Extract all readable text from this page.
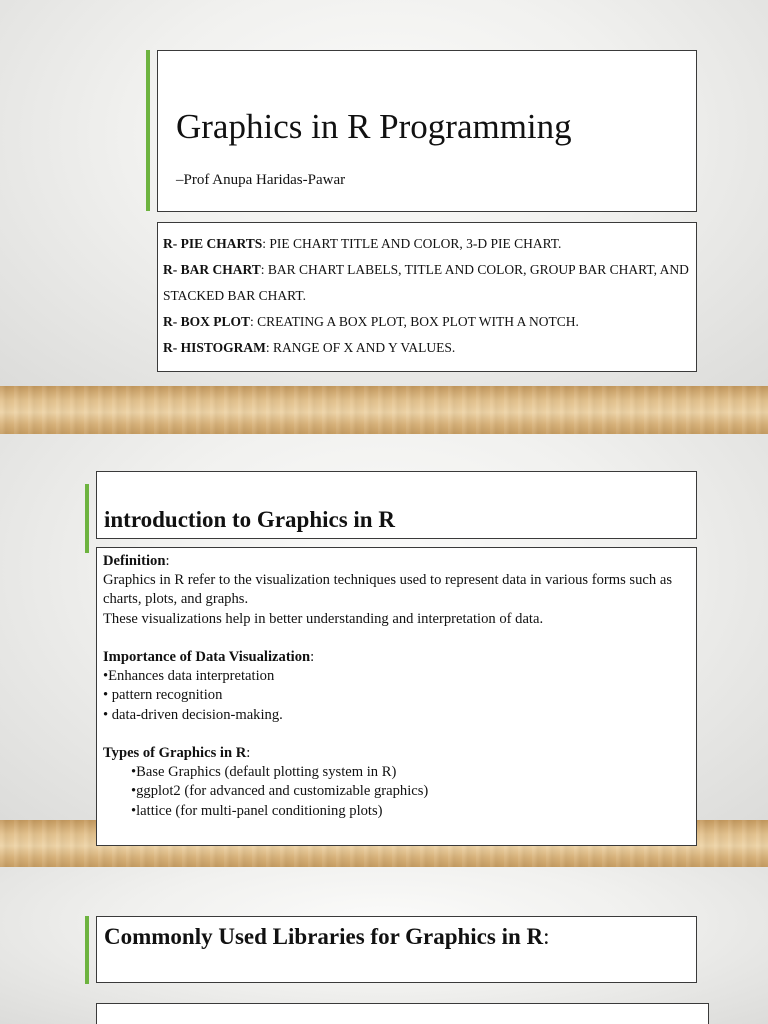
Graphics in R Programming
–Prof Anupa Haridas-Pawar
R- PIE CHARTS: PIE CHART TITLE AND COLOR, 3-D PIE CHART.
R- BAR CHART: BAR CHART LABELS, TITLE AND COLOR, GROUP BAR CHART, AND STACKED BAR CHART.
R- BOX PLOT: CREATING A BOX PLOT, BOX PLOT WITH A NOTCH.
R- HISTOGRAM: RANGE OF X AND Y VALUES.
introduction to Graphics in R
Definition:
Graphics in R refer to the visualization techniques used to represent data in various forms such as charts, plots, and graphs.
These visualizations help in better understanding and interpretation of data.
Importance of Data Visualization:
•Enhances data interpretation
• pattern recognition
• data-driven decision-making.
Types of Graphics in R:
•Base Graphics (default plotting system in R)
•ggplot2 (for advanced and customizable graphics)
•lattice (for multi-panel conditioning plots)
Commonly Used Libraries for Graphics in R:
